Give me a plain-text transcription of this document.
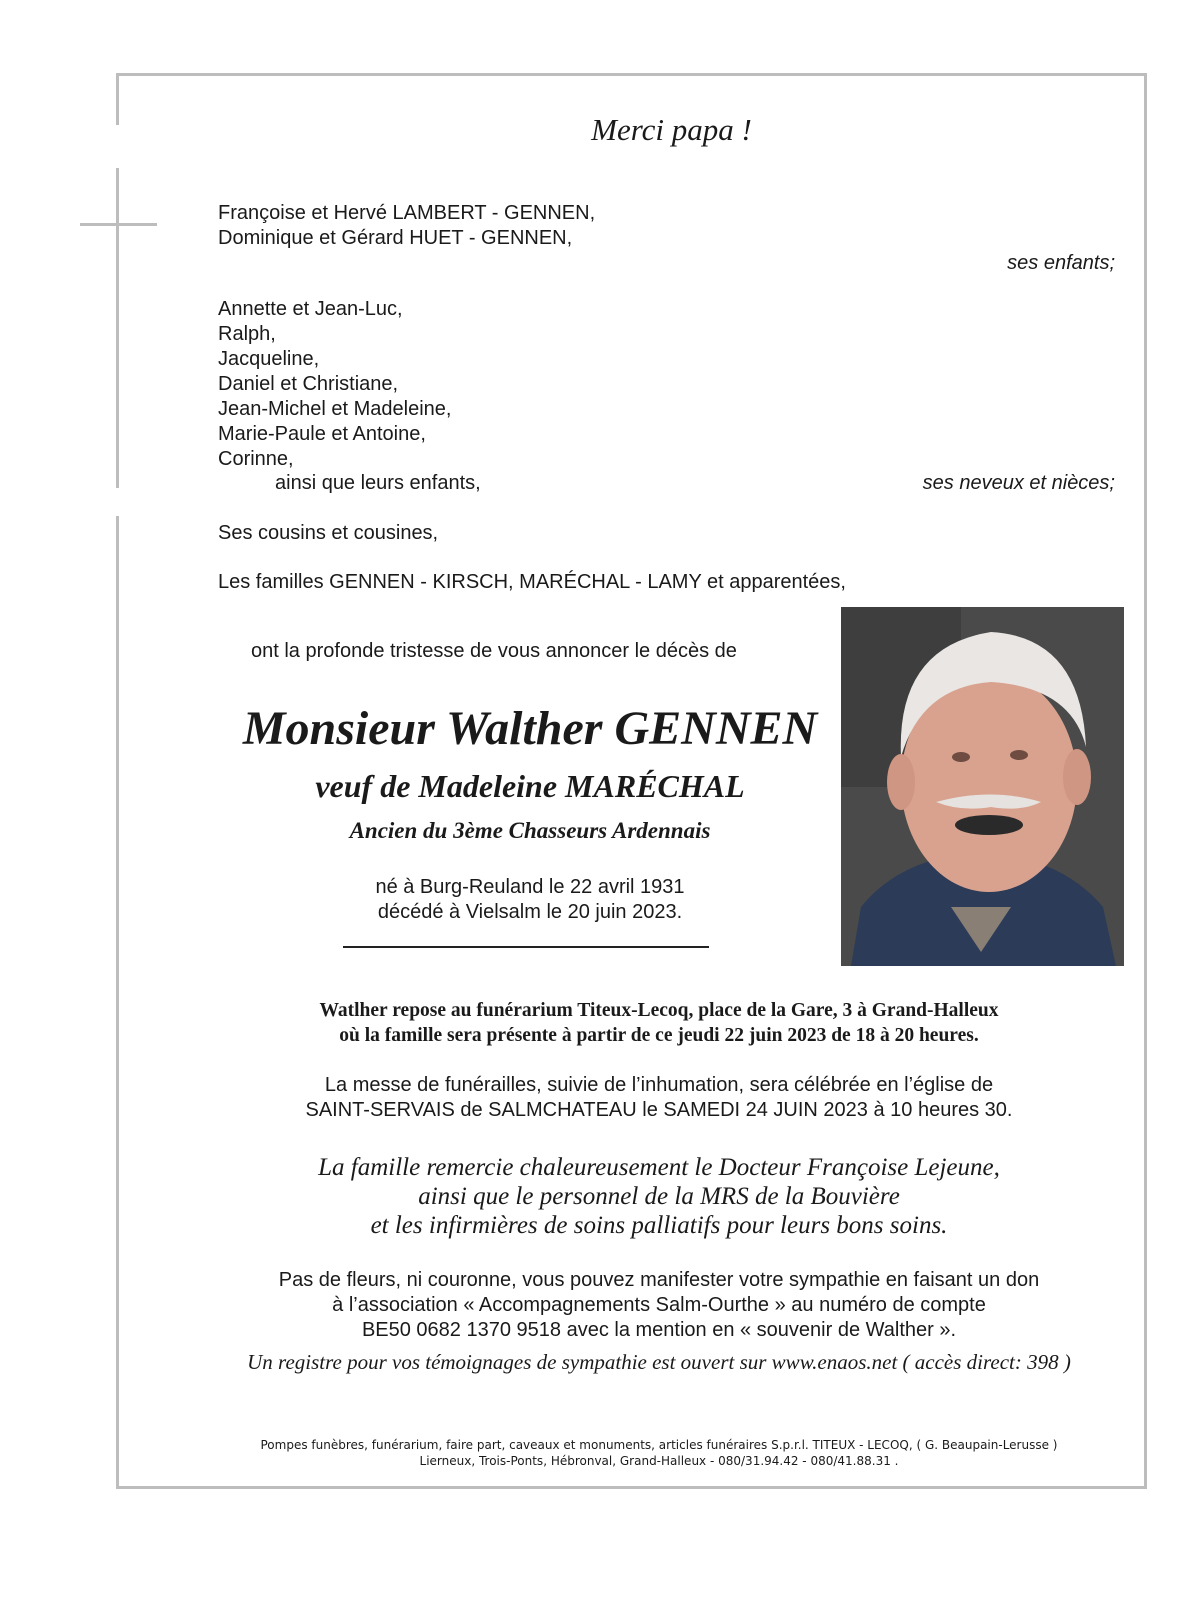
Merci papa !
Françoise et Hervé LAMBERT - GENNEN,
Dominique et Gérard HUET - GENNEN,
ses enfants;
Annette et Jean-Luc,
Ralph,
Jacqueline,
Daniel et Christiane,
Jean-Michel et Madeleine,
Marie-Paule et Antoine,
Corinne,
ainsi que leurs enfants,	ses neveux et nièces;
Ses cousins et cousines,
Les familles GENNEN - KIRSCH, MARÉCHAL - LAMY et apparentées,
ont la profonde tristesse de vous annoncer le décès de
Monsieur Walther GENNEN
veuf de Madeleine MARÉCHAL
Ancien du 3ème Chasseurs Ardennais
né à Burg-Reuland le 22 avril 1931
décédé à Vielsalm le 20 juin 2023.
Watlher repose au funérarium Titeux-Lecoq, place de la Gare, 3 à Grand-Halleux
où la famille sera présente à partir de ce jeudi 22 juin 2023 de 18 à 20 heures.
La messe de funérailles, suivie de l’inhumation, sera célébrée en l’église de
SAINT-SERVAIS de SALMCHATEAU le SAMEDI 24 JUIN 2023 à 10 heures 30.
La famille remercie chaleureusement le Docteur Françoise Lejeune,
ainsi que le personnel de la MRS de la Bouvière
et les infirmières de soins palliatifs pour leurs bons soins.
Pas de fleurs, ni couronne, vous pouvez manifester votre sympathie en faisant un don
à l’association « Accompagnements Salm-Ourthe » au numéro de compte
BE50 0682 1370 9518 avec la mention en « souvenir de Walther ».
Un registre pour vos témoignages de sympathie est ouvert sur www.enaos.net ( accès direct: 398 )
Pompes funèbres, funérarium, faire part, caveaux et monuments, articles funéraires S.p.r.l. TITEUX - LECOQ, ( G. Beaupain-Lerusse )
Lierneux, Trois-Ponts, Hébronval, Grand-Halleux - 080/31.94.42 - 080/41.88.31 .
